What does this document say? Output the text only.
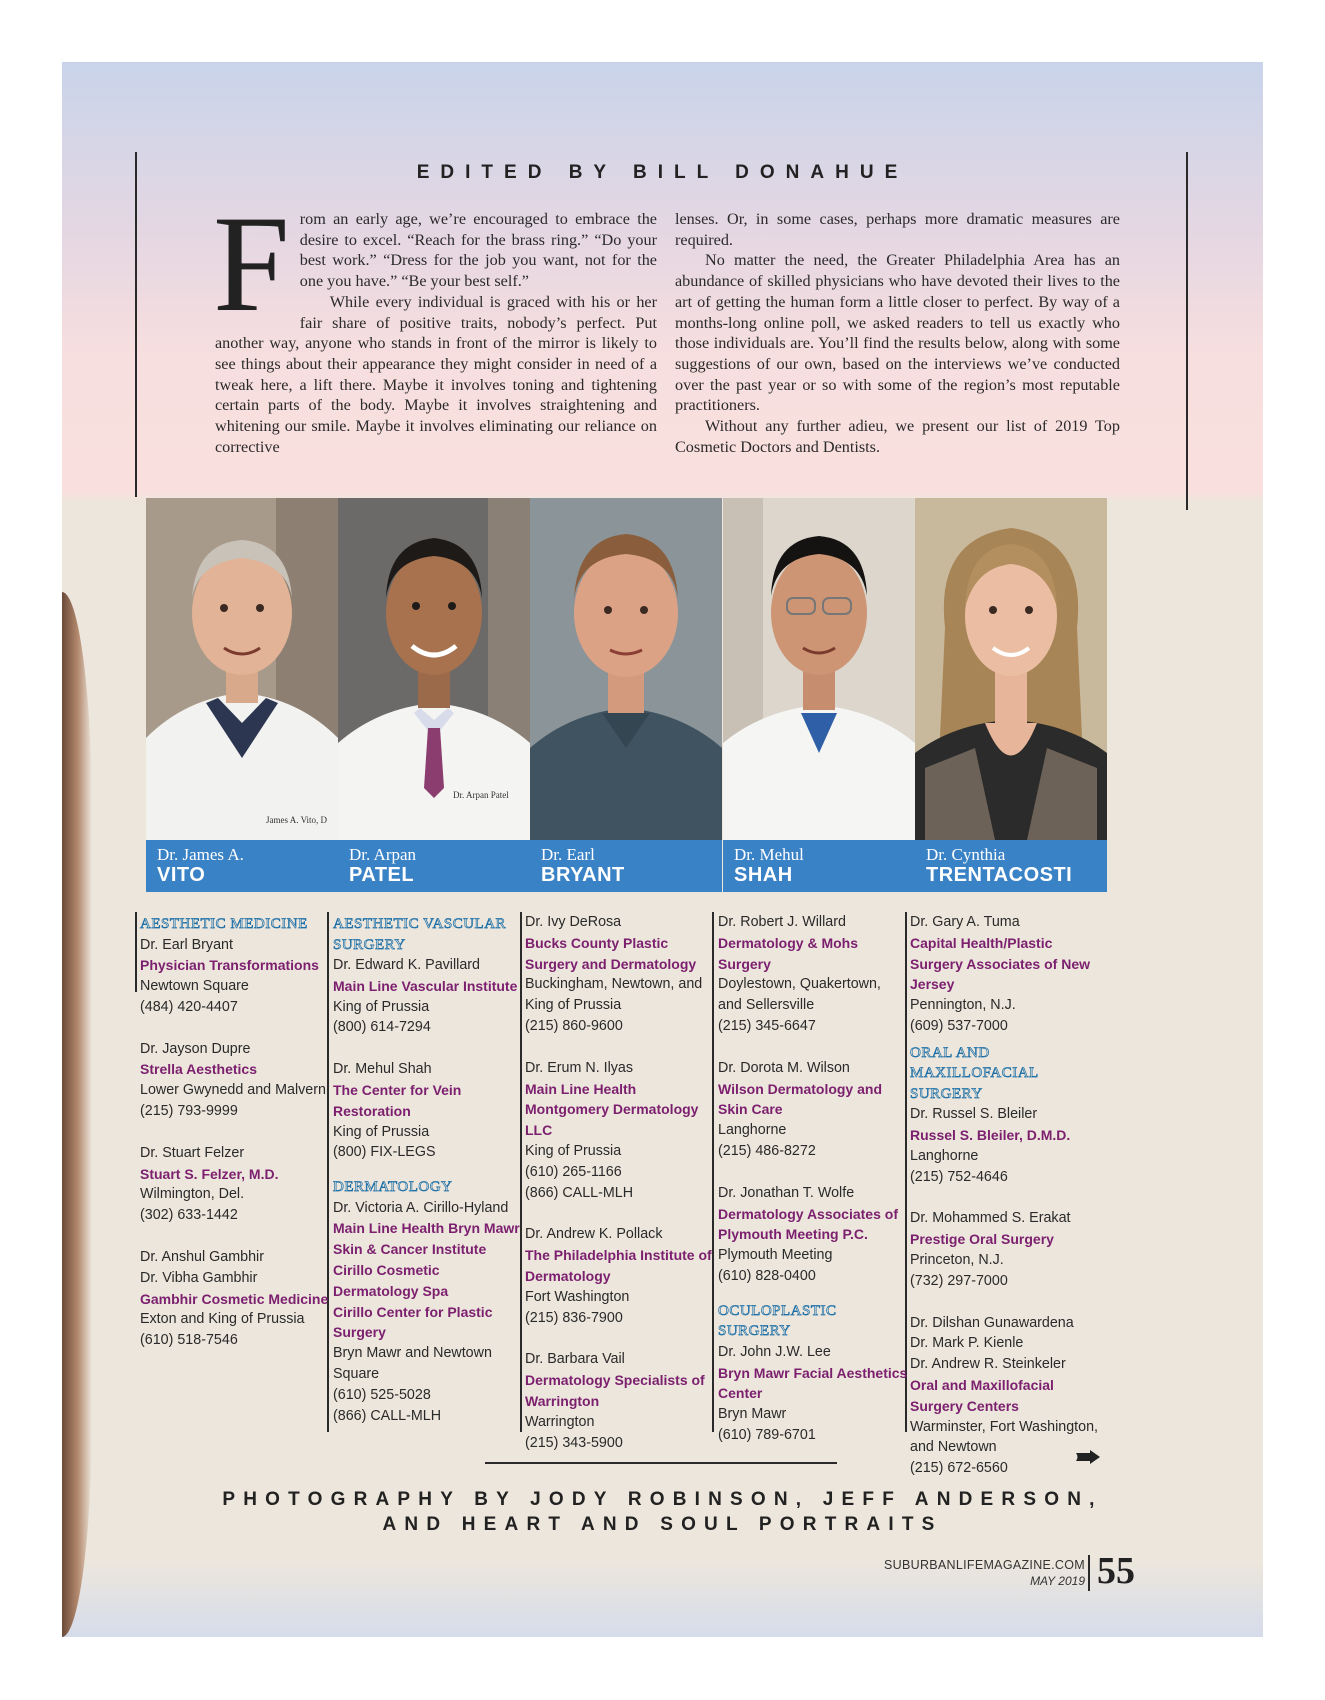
EDITED BY BILL DONAHUE
F rom an early age, we’re encouraged to embrace the desire to excel. “Reach for the brass ring.” “Do your best work.” “Dress for the job you want, not for the one you have.” “Be your best self.”

While every individual is graced with his or her fair share of positive traits, nobody’s perfect. Put another way, anyone who stands in front of the mirror is likely to see things about their appearance they might consider in need of a tweak here, a lift there. Maybe it involves toning and tightening certain parts of the body. Maybe it involves straightening and whitening our smile. Maybe it involves eliminating our reliance on corrective

lenses. Or, in some cases, perhaps more dramatic measures are required.

No matter the need, the Greater Philadelphia Area has an abundance of skilled physicians who have devoted their lives to the art of getting the human form a little closer to perfect. By way of a months-long online poll, we asked readers to tell us exactly who those individuals are. You’ll find the results below, along with some suggestions of our own, based on the interviews we’ve conducted over the past year or so with some of the region’s most reputable practitioners.

Without any further adieu, we present our list of 2019 Top Cosmetic Doctors and Dentists.

James A. Vito, D
Dr. James A.
VITO
Dr. Arpan Patel
Dr. Arpan
PATEL
Dr. Earl
BRYANT
Dr. Mehul
SHAH
Dr. Cynthia
TRENTACOSTI
AESTHETIC MEDICINE
Dr. Earl Bryant
Physician Transformations
Newtown Square
(484) 420-4407
Dr. Jayson Dupre
Strella Aesthetics
Lower Gwynedd and Malvern
(215) 793-9999
Dr. Stuart Felzer
Stuart S. Felzer, M.D.
Wilmington, Del.
(302) 633-1442
Dr. Anshul Gambhir
Dr. Vibha Gambhir
Gambhir Cosmetic Medicine
Exton and King of Prussia
(610) 518-7546
AESTHETIC VASCULAR SURGERY
Dr. Edward K. Pavillard
Main Line Vascular Institute
King of Prussia
(800) 614-7294
Dr. Mehul Shah
The Center for Vein Restoration
King of Prussia
(800) FIX-LEGS
DERMATOLOGY
Dr. Victoria A. Cirillo-Hyland
Main Line Health Bryn Mawr Skin & Cancer Institute
Cirillo Cosmetic Dermatology Spa
Cirillo Center for Plastic Surgery
Bryn Mawr and Newtown Square
(610) 525-5028
(866) CALL-MLH
Dr. Ivy DeRosa
Bucks County Plastic Surgery and Dermatology
Buckingham, Newtown, and King of Prussia
(215) 860-9600
Dr. Erum N. Ilyas
Main Line Health Montgomery Dermatology LLC
King of Prussia
(610) 265-1166
(866) CALL-MLH
Dr. Andrew K. Pollack
The Philadelphia Institute of Dermatology
Fort Washington
(215) 836-7900
Dr. Barbara Vail
Dermatology Specialists of Warrington
Warrington
(215) 343-5900
Dr. Robert J. Willard
Dermatology & Mohs Surgery
Doylestown, Quakertown, and Sellersville
(215) 345-6647
Dr. Dorota M. Wilson
Wilson Dermatology and Skin Care
Langhorne
(215) 486-8272
Dr. Jonathan T. Wolfe
Dermatology Associates of Plymouth Meeting P.C.
Plymouth Meeting
(610) 828-0400
OCULOPLASTIC SURGERY
Dr. John J.W. Lee
Bryn Mawr Facial Aesthetics Center
Bryn Mawr
(610) 789-6701
Dr. Gary A. Tuma
Capital Health/Plastic Surgery Associates of New Jersey
Pennington, N.J.
(609) 537-7000
ORAL AND MAXILLOFACIAL SURGERY
Dr. Russel S. Bleiler
Russel S. Bleiler, D.M.D.
Langhorne
(215) 752-4646
Dr. Mohammed S. Erakat
Prestige Oral Surgery
Princeton, N.J.
(732) 297-7000
Dr. Dilshan Gunawardena
Dr. Mark P. Kienle
Dr. Andrew R. Steinkeler
Oral and Maxillofacial Surgery Centers
Warminster, Fort Washington, and Newtown
(215) 672-6560
PHOTOGRAPHY BY JODY ROBINSON, JEFF ANDERSON,
AND HEART AND SOUL PORTRAITS
SUBURBANLIFEMAGAZINE.COM
MAY 2019 55
